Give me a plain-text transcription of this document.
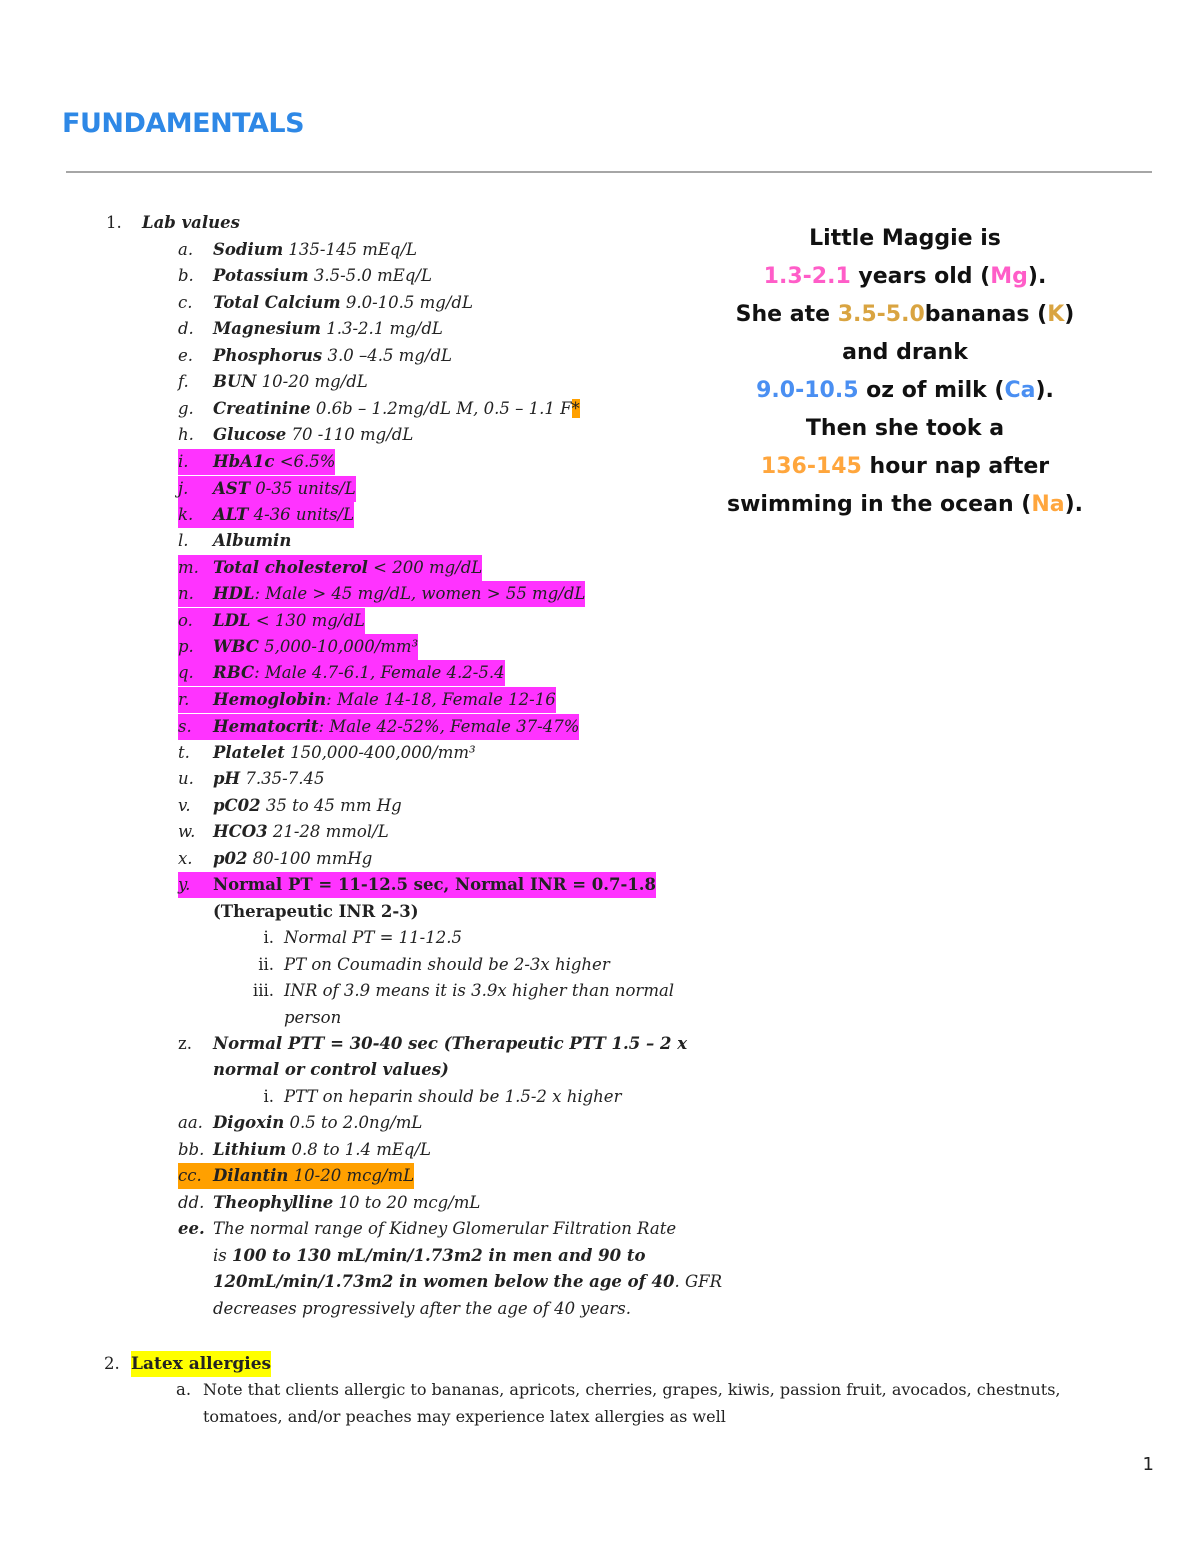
FUNDAMENTALS
1. Lab values
a. Sodium 135-145 mEq/L
b. Potassium 3.5-5.0 mEq/L
c. Total Calcium 9.0-10.5 mg/dL
d. Magnesium 1.3-2.1 mg/dL
e. Phosphorus 3.0 –4.5 mg/dL
f. BUN 10-20 mg/dL
g. Creatinine 0.6b – 1.2mg/dL M, 0.5 – 1.1 F*
h. Glucose 70 -110 mg/dL
i.	HbA1c <6.5%
j.	AST 0-35 units/L
k.	ALT 4-36 units/L
l. Albumin
m. Total cholesterol < 200 mg/dL
n.	HDL: Male > 45 mg/dL, women > 55 mg/dL
o.	LDL < 130 mg/dL
p.	WBC 5,000-10,000/mm³
q.	RBC: Male 4.7-6.1, Female 4.2-5.4
r.	Hemoglobin: Male 14-18, Female 12-16
s.	Hematocrit: Male 42-52%, Female 37-47%
t. Platelet 150,000-400,000/mm³
u. pH 7.35-7.45
v. pC02 35 to 45 mm Hg
w. HCO3 21-28 mmol/L
x. p02 80-100 mmHg
y.	Normal PT = 11-12.5 sec, Normal INR = 0.7-1.8
(Therapeutic INR 2-3)
i. Normal PT = 11-12.5
ii. PT on Coumadin should be 2-3x higher
iii. INR of 3.9 means it is 3.9x higher than normal
person
z. Normal PTT = 30-40 sec (Therapeutic PTT 1.5 – 2 x
normal or control values)
i. PTT on heparin should be 1.5-2 x higher
aa. Digoxin 0.5 to 2.0ng/mL
bb. Lithium 0.8 to 1.4 mEq/L
cc. Dilantin 10-20 mcg/mL
dd. Theophylline 10 to 20 mcg/mL
ee. The normal range of Kidney Glomerular Filtration Rate
is 100 to 130 mL/min/1.73m2 in men and 90 to
120mL/min/1.73m2 in women below the age of 40. GFR
decreases progressively after the age of 40 years.
2. Latex allergies
a. Note that clients allergic to bananas, apricots, cherries, grapes, kiwis, passion fruit, avocados, chestnuts,
tomatoes, and/or peaches may experience latex allergies as well
Little Maggie is
1.3-2.1 years old (Mg).
She ate 3.5-5.0bananas (K)
and drank
9.0-10.5 oz of milk (Ca).
Then she took a
136-145 hour nap after
swimming in the ocean (Na).
1
